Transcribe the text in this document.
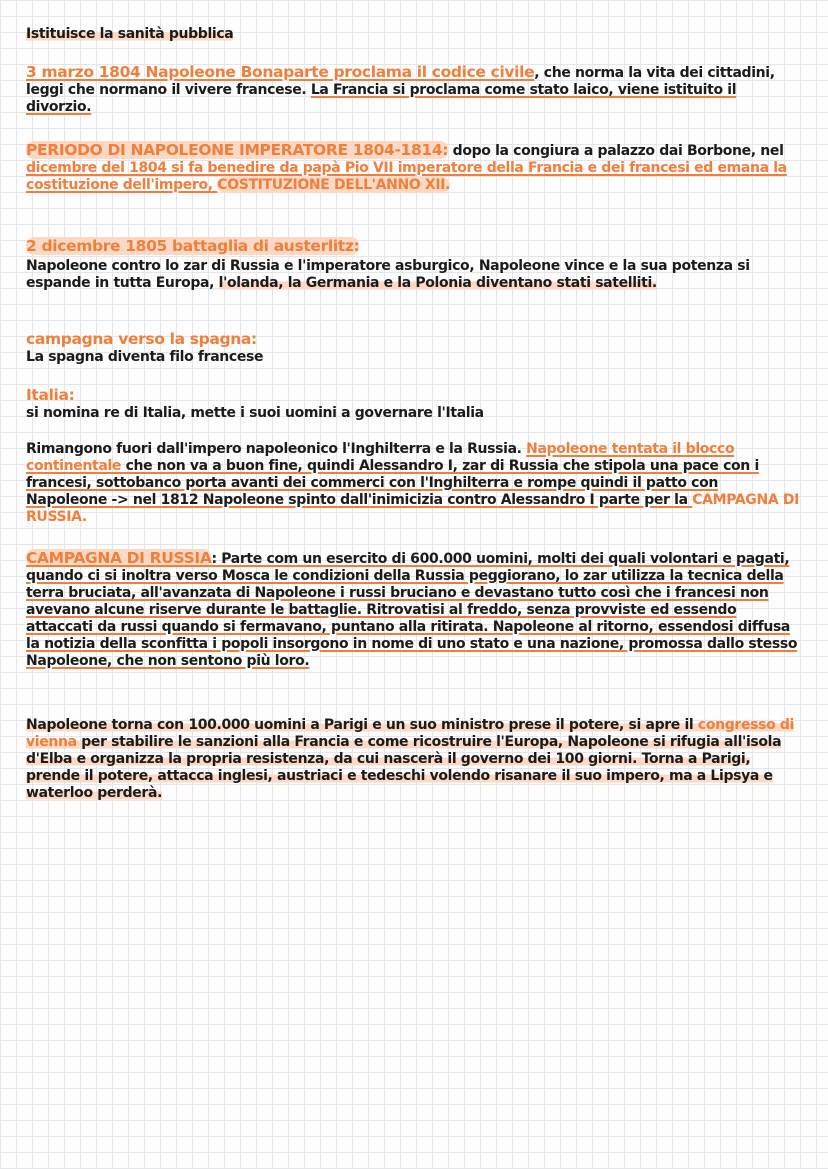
Istituisce la sanità pubblica
3 marzo 1804 Napoleone Bonaparte proclama il codice civile, che norma la vita dei cittadini, leggi che normano il vivere francese. La Francia si proclama come stato laico, viene istituito il divorzio.
PERIODO DI NAPOLEONE IMPERATORE 1804-1814: dopo la congiura a palazzo dai Borbone, nel dicembre del 1804 si fa benedire da papà Pio VII imperatore della Francia e dei francesi ed emana la costituzione dell'impero, COSTITUZIONE DELL'ANNO XII.
2 dicembre 1805 battaglia di austerlitz:
Napoleone contro lo zar di Russia e l'imperatore asburgico, Napoleone vince e la sua potenza si espande in tutta Europa, l'olanda, la Germania e la Polonia diventano stati satelliti.
campagna verso la spagna:
La spagna diventa filo francese
Italia:
si nomina re di Italia, mette i suoi uomini a governare l'Italia
Rimangono fuori dall'impero napoleonico l'Inghilterra e la Russia. Napoleone tentata il blocco continentale che non va a buon fine, quindi Alessandro I, zar di Russia che stipola una pace con i francesi, sottobanco porta avanti dei commerci con l'Inghilterra e rompe quindi il patto con Napoleone -> nel 1812 Napoleone spinto dall'inimicizia contro Alessandro I parte per la CAMPAGNA DI RUSSIA.
CAMPAGNA DI RUSSIA: Parte com un esercito di 600.000 uomini, molti dei quali volontari e pagati, quando ci si inoltra verso Mosca le condizioni della Russia peggiorano, lo zar utilizza la tecnica della terra bruciata, all'avanzata di Napoleone i russi bruciano e devastano tutto così che i francesi non avevano alcune riserve durante le battaglie. Ritrovatisi al freddo, senza provviste ed essendo attaccati da russi quando si fermavano, puntano alla ritirata. Napoleone al ritorno, essendosi diffusa la notizia della sconfitta i popoli insorgono in nome di uno stato e una nazione, promossa dallo stesso Napoleone, che non sentono più loro.
Napoleone torna con 100.000 uomini a Parigi e un suo ministro prese il potere, si apre il congresso di vienna per stabilire le sanzioni alla Francia e come ricostruire l'Europa, Napoleone si rifugia all'isola d'Elba e organizza la propria resistenza, da cui nascerà il governo dei 100 giorni. Torna a Parigi, prende il potere, attacca inglesi, austriaci e tedeschi volendo risanare il suo impero, ma a Lipsya e waterloo perderà.
